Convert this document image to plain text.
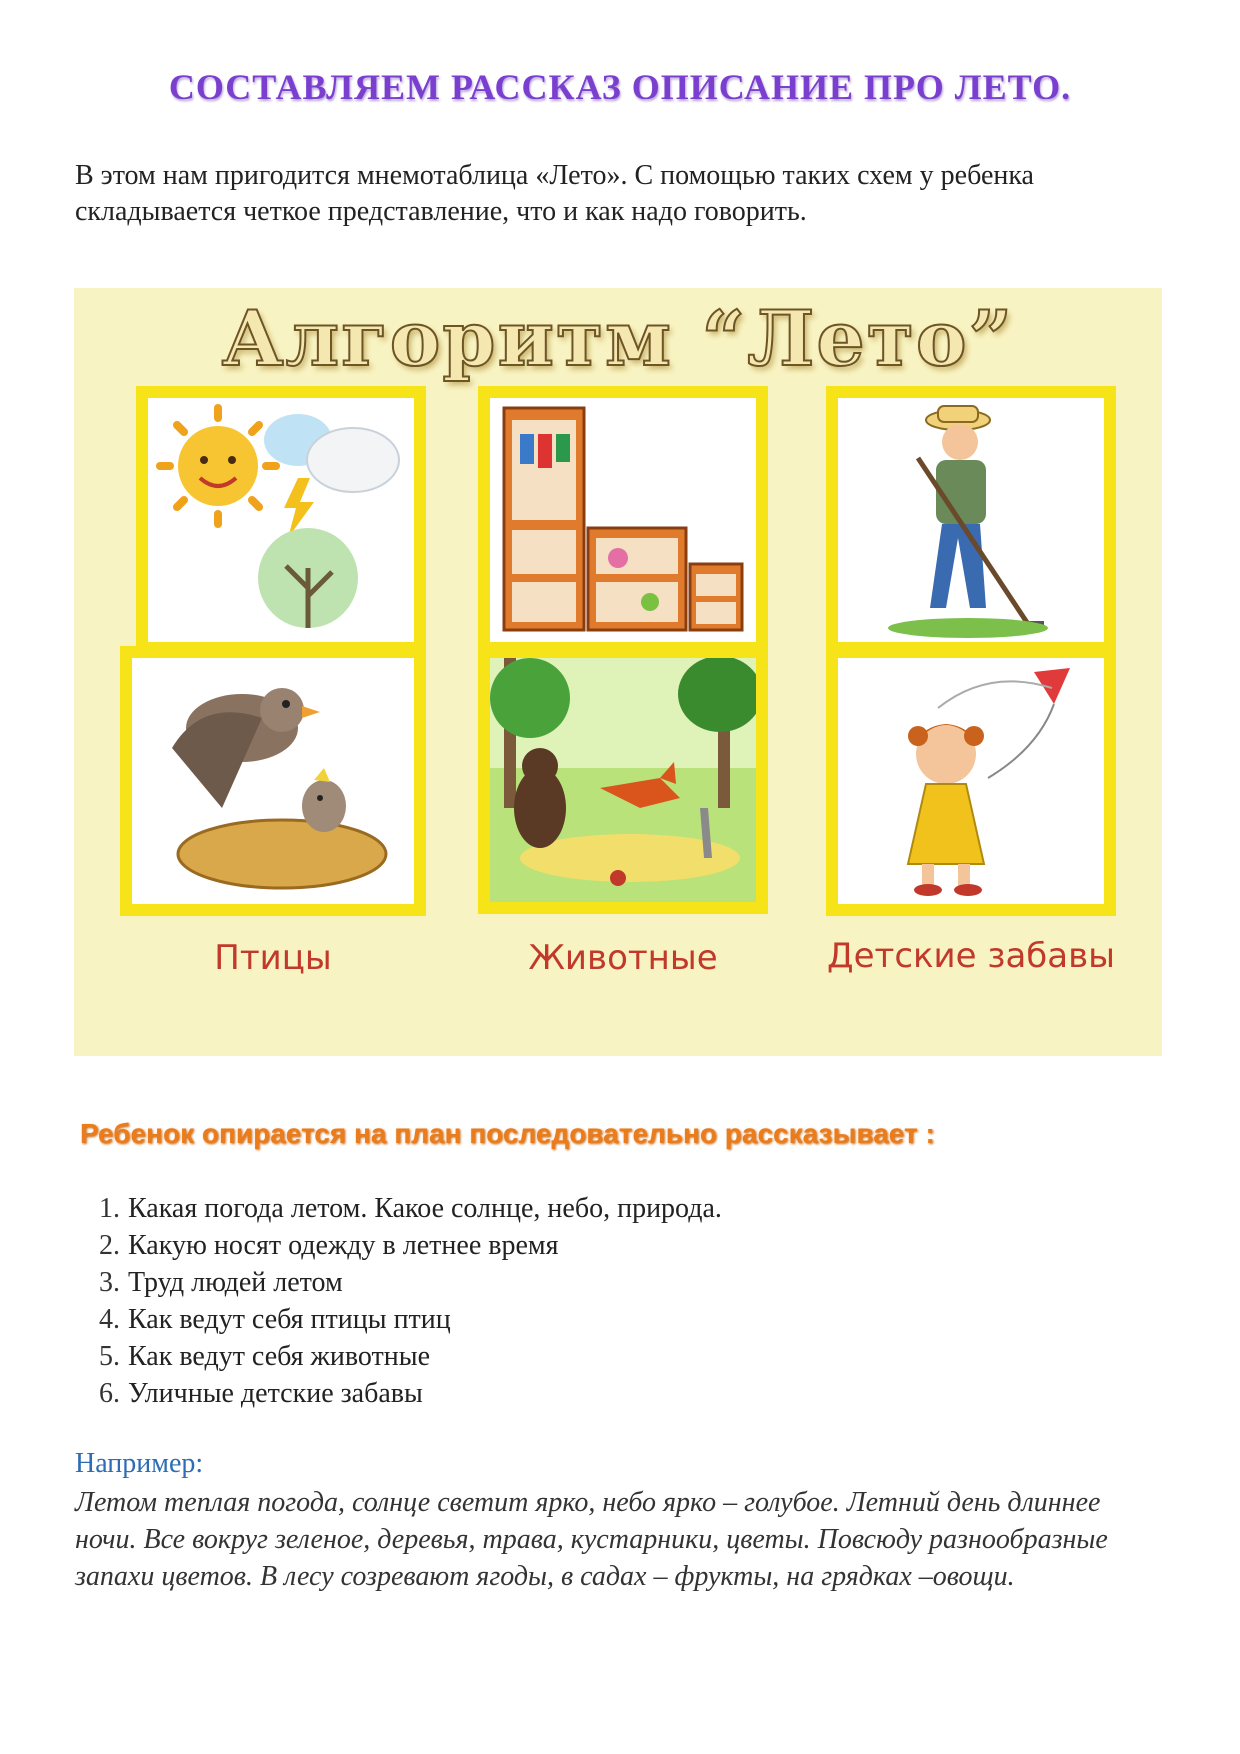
СОСТАВЛЯЕМ РАССКАЗ ОПИСАНИЕ ПРО ЛЕТО.

В этом нам пригодится мнемотаблица «Лето». С помощью таких схем у ребенка складывается четкое представление, что и как надо говорить.

Алгоритм “Лето”
Птицы	Животные	Детские забавы
Ребенок опирается на план последовательно рассказывает :
1. Какая погода летом. Какое солнце, небо, природа.
2. Какую носят одежду в летнее время
3. Труд людей летом
4. Как ведут себя птицы птиц
5. Как ведут себя животные
6. Уличные детские забавы
Например:

Летом теплая погода, солнце светит ярко, небо ярко – голубое. Летний день длиннее ночи. Все вокруг зеленое, деревья, трава, кустарники, цветы. Повсюду разнообразные запахи цветов. В лесу созревают ягоды, в садах – фрукты, на грядках –овощи.
